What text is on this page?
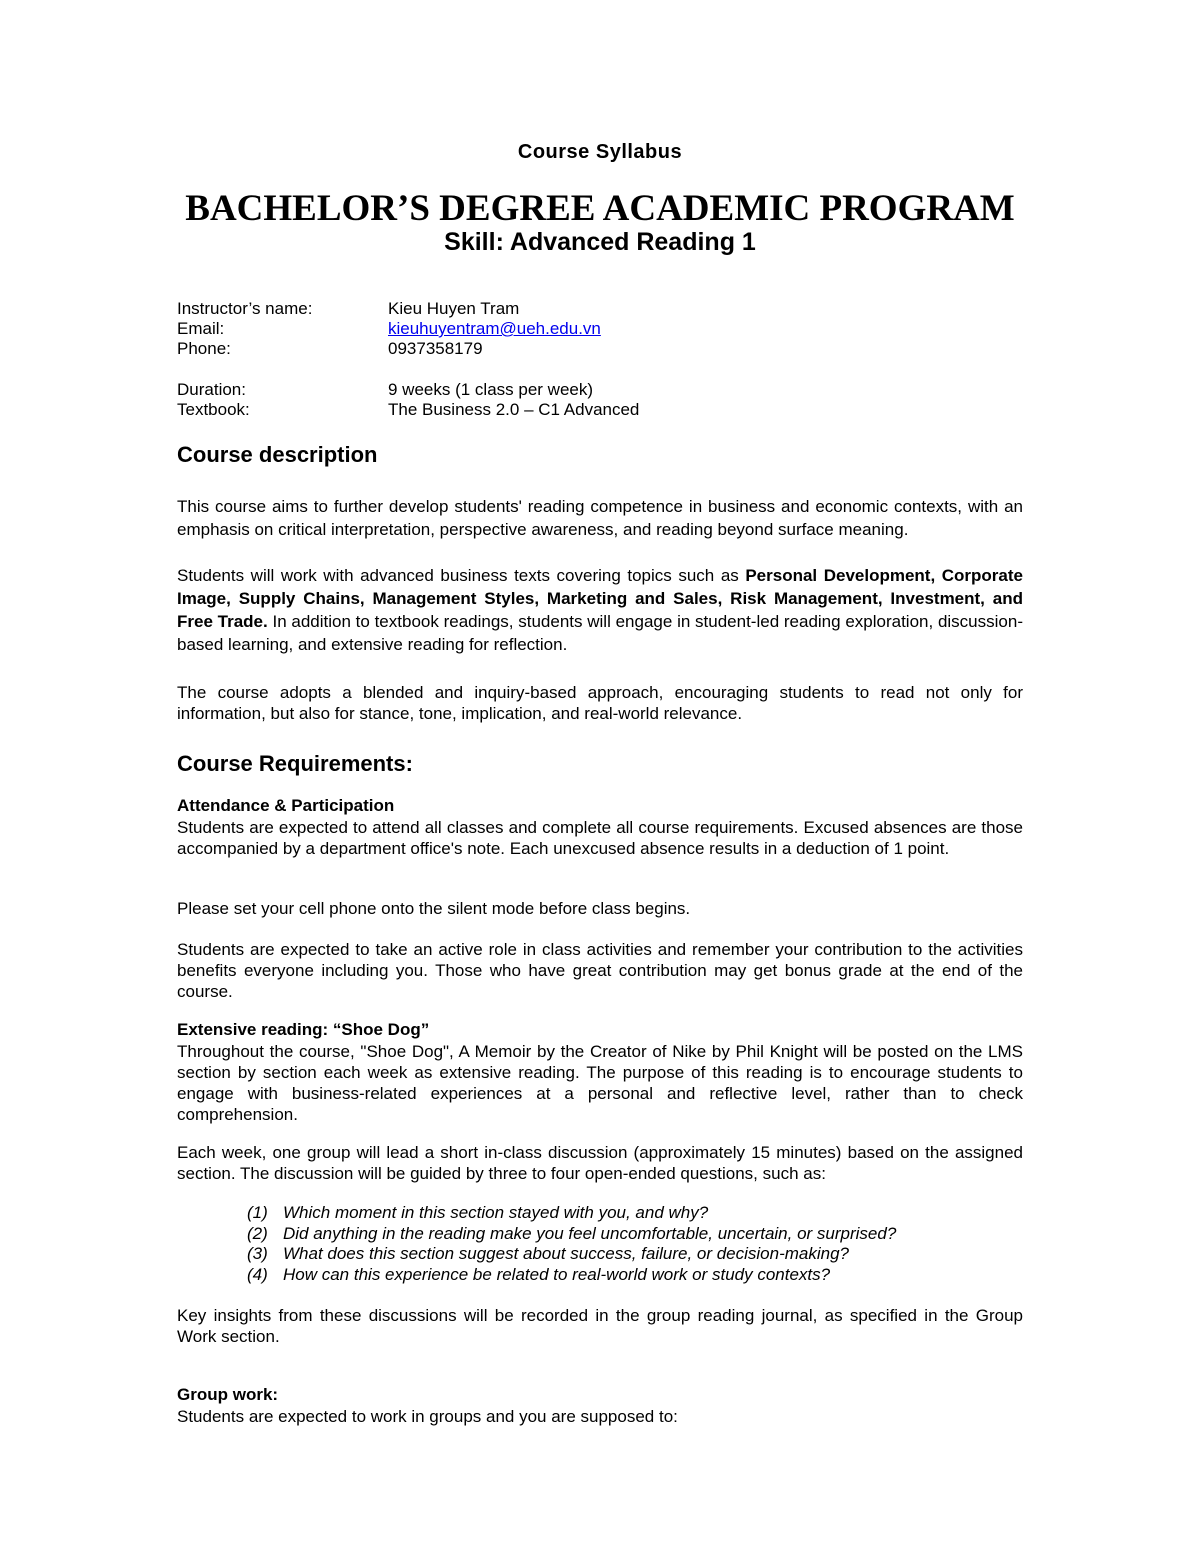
Course Syllabus
BACHELOR’S DEGREE ACADEMIC PROGRAM
Skill: Advanced Reading 1
Instructor’s name:	Kieu Huyen Tram
Email:	kieuhuyentram@ueh.edu.vn
Phone:	0937358179
Duration:	9 weeks (1 class per week)
Textbook:	The Business 2.0 – C1 Advanced
Course description
This course aims to further develop students' reading competence in business and economic contexts, with an emphasis on critical interpretation, perspective awareness, and reading beyond surface meaning.
Students will work with advanced business texts covering topics such as Personal Development, Corporate Image, Supply Chains, Management Styles, Marketing and Sales, Risk Management, Investment, and Free Trade. In addition to textbook readings, students will engage in student-led reading exploration, discussion-based learning, and extensive reading for reflection.
The course adopts a blended and inquiry-based approach, encouraging students to read not only for information, but also for stance, tone, implication, and real-world relevance.
Course Requirements:
Attendance & Participation
Students are expected to attend all classes and complete all course requirements. Excused absences are those accompanied by a department office's note. Each unexcused absence results in a deduction of 1 point.
Please set your cell phone onto the silent mode before class begins.
Students are expected to take an active role in class activities and remember your contribution to the activities benefits everyone including you. Those who have great contribution may get bonus grade at the end of the course.
Extensive reading: “Shoe Dog”
Throughout the course, "Shoe Dog", A Memoir by the Creator of Nike by Phil Knight will be posted on the LMS section by section each week as extensive reading. The purpose of this reading is to encourage students to engage with business-related experiences at a personal and reflective level, rather than to check comprehension.
Each week, one group will lead a short in-class discussion (approximately 15 minutes) based on the assigned section. The discussion will be guided by three to four open-ended questions, such as:
(1) Which moment in this section stayed with you, and why?
(2) Did anything in the reading make you feel uncomfortable, uncertain, or surprised?
(3) What does this section suggest about success, failure, or decision-making?
(4) How can this experience be related to real-world work or study contexts?
Key insights from these discussions will be recorded in the group reading journal, as specified in the Group Work section.
Group work:
Students are expected to work in groups and you are supposed to:
